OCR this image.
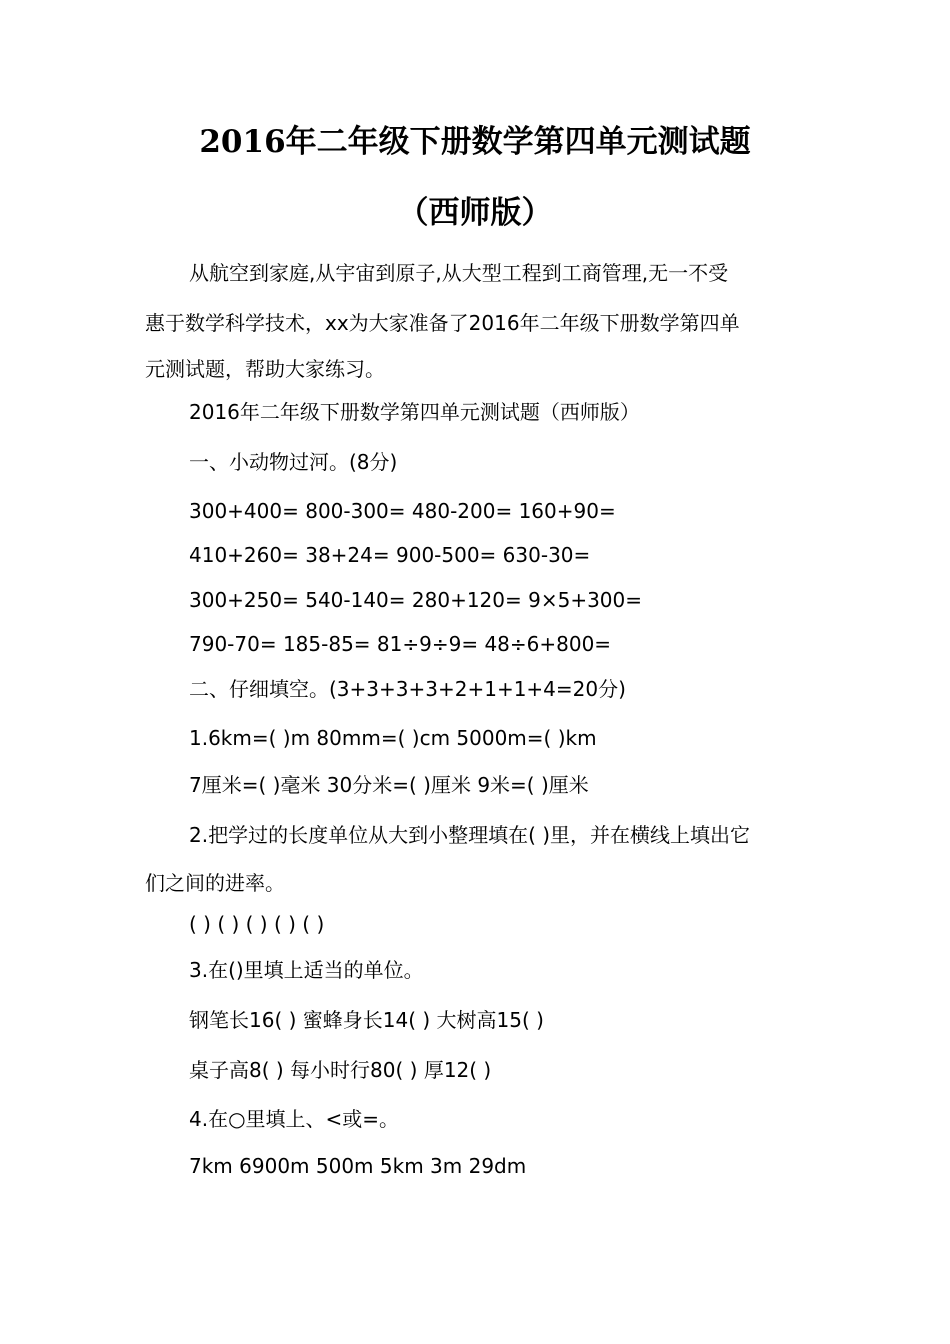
2016年二年级下册数学第四单元测试题
（西师版）
从航空到家庭,从宇宙到原子,从大型工程到工商管理,无一不受
惠于数学科学技术，xx为大家准备了2016年二年级下册数学第四单
元测试题，帮助大家练习。
2016年二年级下册数学第四单元测试题（西师版）
一、小动物过河。(8分)
300+400= 800-300= 480-200= 160+90=
410+260= 38+24= 900-500= 630-30=
300+250= 540-140= 280+120= 9×5+300=
790-70= 185-85= 81÷9÷9= 48÷6+800=
二、仔细填空。(3+3+3+3+2+1+1+4=20分)
1.6km=( )m 80mm=( )cm 5000m=( )km
7厘米=( )毫米 30分米=( )厘米 9米=( )厘米
2.把学过的长度单位从大到小整理填在( )里，并在横线上填出它
们之间的进率。
( ) ( ) ( ) ( ) ( )
3.在()里填上适当的单位。
钢笔长16( ) 蜜蜂身长14( ) 大树高15( )
桌子高8( ) 每小时行80( ) 厚12( )
4.在○里填上、<或=。
7km 6900m 500m 5km 3m 29dm
